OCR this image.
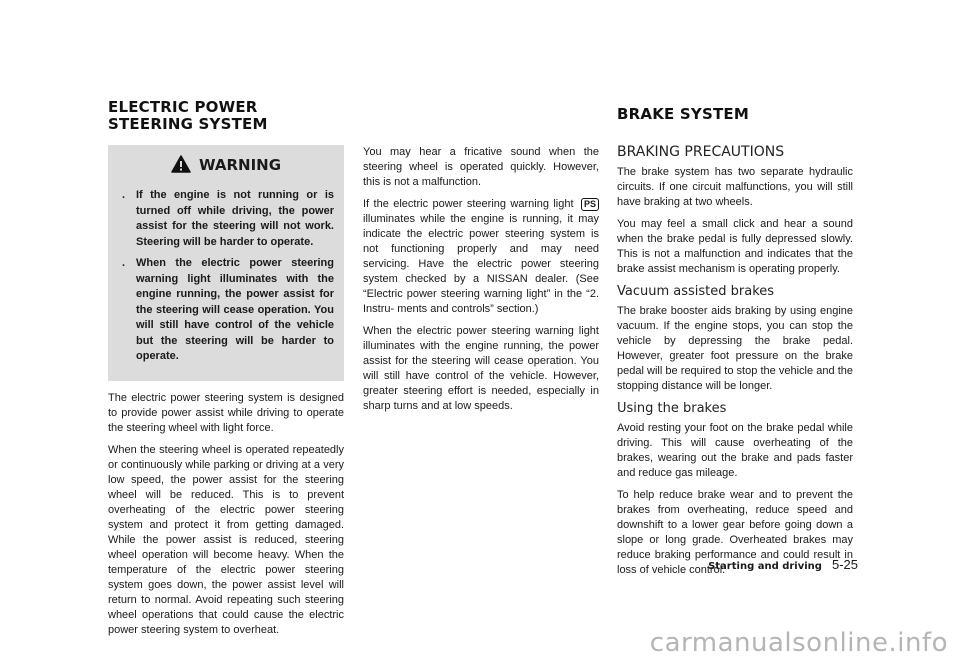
ELECTRIC POWER STEERING SYSTEM
BRAKE SYSTEM
WARNING
. If the engine is not running or is turned off while driving, the power assist for the steering will not work. Steering will be harder to operate.
. When the electric power steering warning light illuminates with the engine running, the power assist for the steering will cease operation. You will still have control of the vehicle but the steering will be harder to operate.

The electric power steering system is designed to provide power assist while driving to operate the steering wheel with light force.

When the steering wheel is operated repeatedly or continuously while parking or driving at a very low speed, the power assist for the steering wheel will be reduced. This is to prevent overheating of the electric power steering system and protect it from getting damaged. While the power assist is reduced, steering wheel operation will become heavy. When the temperature of the electric power steering system goes down, the power assist level will return to normal. Avoid repeating such steering wheel operations that could cause the electric power steering system to overheat.

You may hear a fricative sound when the steering wheel is operated quickly. However, this is not a malfunction.

If the electric power steering warning light PS illuminates while the engine is running, it may indicate the electric power steering system is not functioning properly and may need servicing. Have the electric power steering system checked by a NISSAN dealer. (See “Electric power steering warning light” in the “2. Instru- ments and controls” section.)

When the electric power steering warning light illuminates with the engine running, the power assist for the steering will cease operation. You will still have control of the vehicle. However, greater steering effort is needed, especially in sharp turns and at low speeds.

BRAKING PRECAUTIONS

The brake system has two separate hydraulic circuits. If one circuit malfunctions, you will still have braking at two wheels.

You may feel a small click and hear a sound when the brake pedal is fully depressed slowly. This is not a malfunction and indicates that the brake assist mechanism is operating properly.

Vacuum assisted brakes

The brake booster aids braking by using engine vacuum. If the engine stops, you can stop the vehicle by depressing the brake pedal. However, greater foot pressure on the brake pedal will be required to stop the vehicle and the stopping distance will be longer.

Using the brakes

Avoid resting your foot on the brake pedal while driving. This will cause overheating of the brakes, wearing out the brake and pads faster and reduce gas mileage.

To help reduce brake wear and to prevent the brakes from overheating, reduce speed and downshift to a lower gear before going down a slope or long grade. Overheated brakes may reduce braking performance and could result in loss of vehicle control.

Starting and driving 5-25
carmanualsonline.info
